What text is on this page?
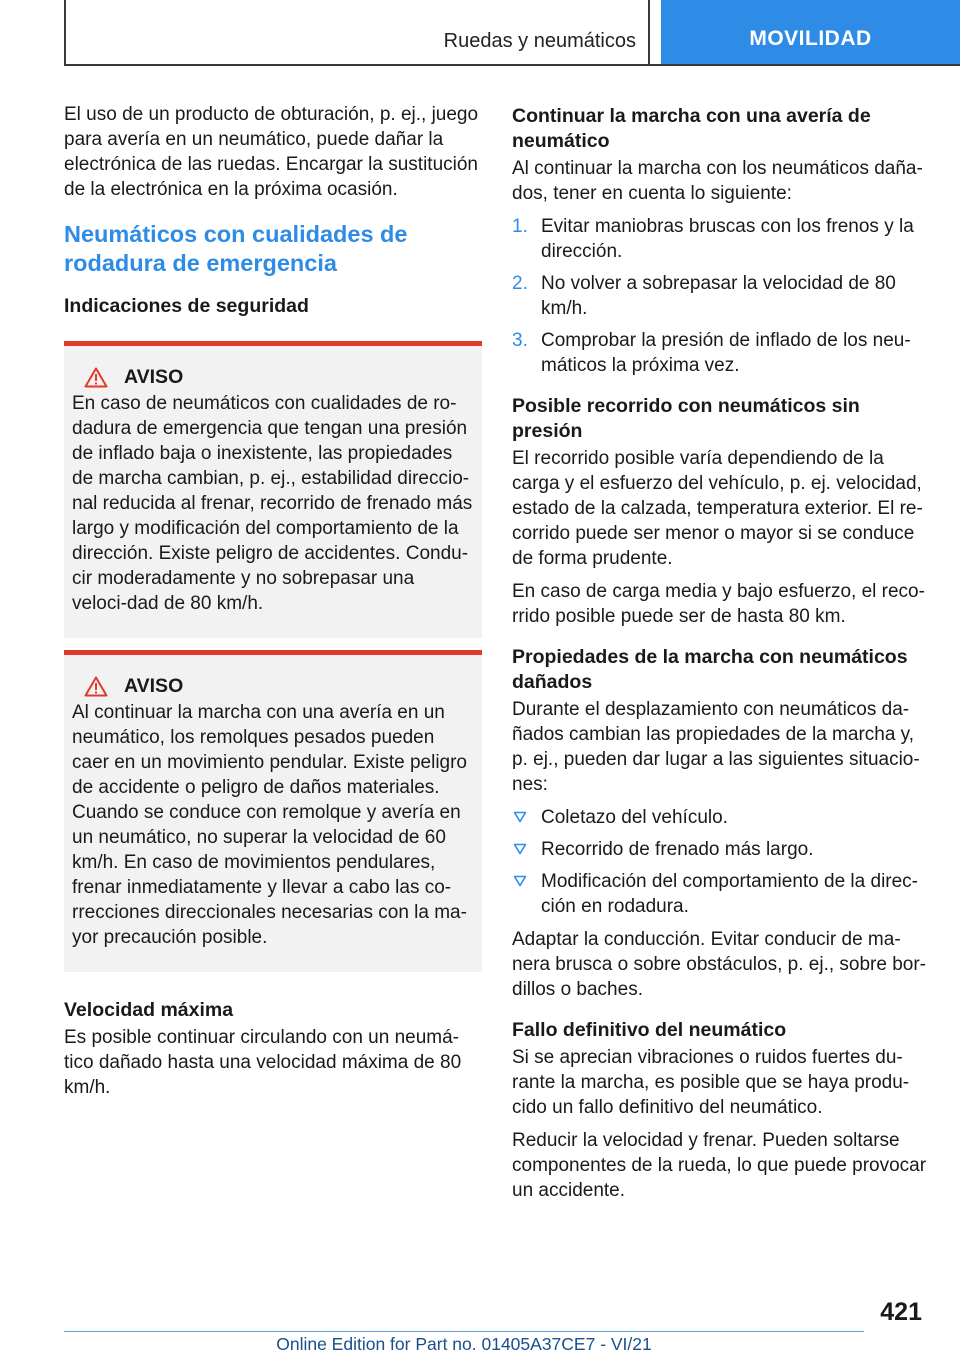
Ruedas y neumáticos	MOVILIDAD

El uso de un producto de obturación, p. ej., juego para avería en un neumático, puede dañar la electrónica de las ruedas. Encargar la sustitución de la electrónica en la próxima ocasión.

Neumáticos con cualidades de rodadura de emergencia
Indicaciones de seguridad
AVISO

En caso de neumáticos con cualidades de ro-dadura de emergencia que tengan una presión de inflado baja o inexistente, las propiedades de marcha cambian, p. ej., estabilidad direccio-nal reducida al frenar, recorrido de frenado más largo y modificación del comportamiento de la dirección. Existe peligro de accidentes. Condu-cir moderadamente y no sobrepasar una veloci-dad de 80 km/h.

AVISO

Al continuar la marcha con una avería en un neumático, los remolques pesados pueden caer en un movimiento pendular. Existe peligro de accidente o peligro de daños materiales. Cuando se conduce con remolque y avería en un neumático, no superar la velocidad de 60 km/h. En caso de movimientos pendulares, frenar inmediatamente y llevar a cabo las co-rrecciones direccionales necesarias con la ma-yor precaución posible.

Velocidad máxima

Es posible continuar circulando con un neumá-tico dañado hasta una velocidad máxima de 80 km/h.

Continuar la marcha con una avería de neumático

Al continuar la marcha con los neumáticos daña-dos, tener en cuenta lo siguiente:

1. Evitar maniobras bruscas con los frenos y la dirección.
2. No volver a sobrepasar la velocidad de 80 km/h.
3. Comprobar la presión de inflado de los neu-máticos la próxima vez.
Posible recorrido con neumáticos sin presión

El recorrido posible varía dependiendo de la carga y el esfuerzo del vehículo, p. ej. velocidad, estado de la calzada, temperatura exterior. El re-corrido puede ser menor o mayor si se conduce de forma prudente.

En caso de carga media y bajo esfuerzo, el reco-rrido posible puede ser de hasta 80 km.

Propiedades de la marcha con neumáticos dañados

Durante el desplazamiento con neumáticos da-ñados cambian las propiedades de la marcha y, p. ej., pueden dar lugar a las siguientes situacio-nes:

Coletazo del vehículo.
Recorrido de frenado más largo.
Modificación del comportamiento de la direc-ción en rodadura.

Adaptar la conducción. Evitar conducir de ma-nera brusca o sobre obstáculos, p. ej., sobre bor-dillos o baches.

Fallo definitivo del neumático

Si se aprecian vibraciones o ruidos fuertes du-rante la marcha, es posible que se haya produ-cido un fallo definitivo del neumático.

Reducir la velocidad y frenar. Pueden soltarse componentes de la rueda, lo que puede provocar un accidente.

421
Online Edition for Part no. 01405A37CE7 - VI/21
